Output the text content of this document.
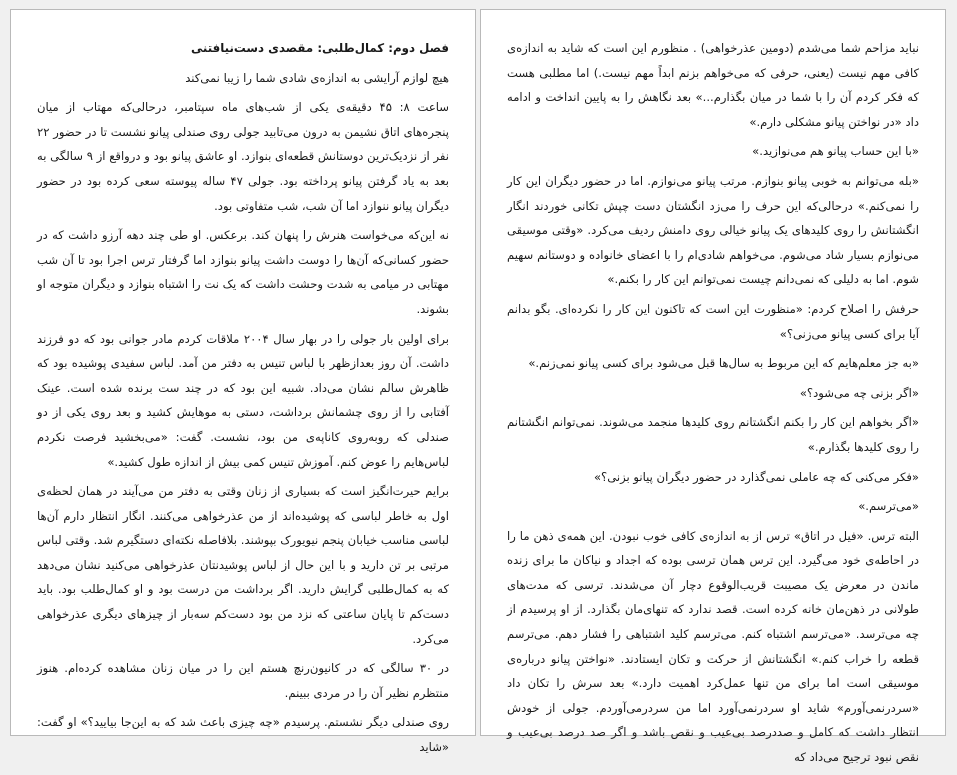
فصل دوم: کمال‌طلبی: مقصدی دست‌نیافتنی

هیچ لوازم آرایشی به اندازه‌ی شادی شما را زیبا نمی‌کند

ساعت ۸: ۴۵ دقیقه‌ی یکی از شب‌های ماه سپتامبر، درحالی‌که مهتاب از میان پنجره‌های اتاق نشیمن به درون می‌تابید جولی روی صندلی پیانو نشست تا در حضور ۲۲ نفر از نزدیک‌ترین دوستانش قطعه‌ای بنوازد. او عاشق پیانو بود و درواقع از ۹ سالگی به بعد به یاد گرفتن پیانو پرداخته بود. جولی ۴۷ ساله پیوسته سعی کرده بود در حضور دیگران پیانو ننوازد اما آن شب، شب متفاوتی بود.

نه این‌که می‌خواست هنرش را پنهان کند. برعکس. او طی چند دهه آرزو داشت که در حضور کسانی‌که آن‌ها را دوست داشت پیانو بنوازد اما گرفتار ترس اجرا بود تا آن شب مهتابی در میامی به شدت وحشت داشت که یک نت را اشتباه بنوازد و دیگران متوجه او بشوند.

برای اولین بار جولی را در بهار سال ۲۰۰۴ ملاقات کردم مادر جوانی بود که دو فرزند داشت. آن روز بعدازظهر با لباس تنیس به دفتر من آمد. لباس سفیدی پوشیده بود که ظاهرش سالم نشان می‌داد. شبیه این بود که در چند ست برنده شده است. عینک آفتابی را از روی چشمانش برداشت، دستی به موهایش کشید و بعد روی یکی از دو صندلی که روبه‌روی کاناپه‌ی من بود، نشست. گفت: «می‌بخشید فرصت نکردم لباس‌هایم را عوض کنم. آموزش تنیس کمی بیش از اندازه طول کشید.»

برایم حیرت‌انگیز است که بسیاری از زنان وقتی به دفتر من می‌آیند در همان لحظه‌ی اول به خاطر لباسی که پوشیده‌اند از من عذرخواهی می‌کنند. انگار انتظار دارم آن‌ها لباسی مناسب خیابان پنجم نیویورک بپوشند. بلافاصله نکته‌ای دستگیرم شد. وقتی لباس مرتبی بر تن دارید و با این حال از لباس پوشیدنتان عذرخواهی می‌کنید نشان می‌دهد که به کمال‌طلبی گرایش دارید. اگر برداشت من درست بود و او کمال‌طلب بود. باید دست‌کم تا پایان ساعتی که نزد من بود دست‌کم سه‌بار از چیزهای دیگری عذرخواهی می‌کرد.

در ۳۰ سالگی که در کانیون‌رنچ هستم این را در میان زنان مشاهده کرده‌ام. هنوز منتظرم نظیر آن را در مردی ببینم.

روی صندلی دیگر نشستم. پرسیدم «چه چیزی باعث شد که به این‌جا بیایید؟» او گفت: «شاید

نباید مزاحم شما می‌شدم (دومین عذرخواهی) . منظورم این است که شاید به اندازه‌ی کافی مهم نیست (یعنی، حرفی که می‌خواهم بزنم ابداً مهم نیست.) اما مطلبی هست که فکر کردم آن را با شما در میان بگذارم...» بعد نگاهش را به پایین انداخت و ادامه داد «در نواختن پیانو مشکلی دارم.»

«با این حساب پیانو هم می‌نوازید.»

«بله می‌توانم به خوبی پیانو بنوازم. مرتب پیانو می‌نوازم. اما در حضور دیگران این کار را نمی‌کنم.» درحالی‌که این حرف را می‌زد انگشتان دست چپش تکانی خوردند انگار انگشتانش را روی کلیدهای یک پیانو خیالی روی دامنش ردیف می‌کرد. «وقتی موسیقی می‌نوازم بسیار شاد می‌شوم. می‌خواهم شادی‌ام را با اعضای خانواده و دوستانم سهیم شوم. اما به دلیلی که نمی‌دانم چیست نمی‌توانم این کار را بکنم.»

حرفش را اصلاح کردم: «منظورت این است که تاکنون این کار را نکرده‌ای. بگو بدانم آیا برای کسی پیانو می‌زنی؟»

«به جز معلم‌هایم که این مربوط به سال‌ها قبل می‌شود برای کسی پیانو نمی‌زنم.»

«اگر بزنی چه می‌شود؟»

«اگر بخواهم این کار را بکنم انگشتانم روی کلیدها منجمد می‌شوند. نمی‌توانم انگشتانم را روی کلیدها بگذارم.»

«فکر می‌کنی که چه عاملی نمی‌گذارد در حضور دیگران پیانو بزنی؟»

«می‌ترسم.»

البته ترس. «فیل در اتاق» ترس از به اندازه‌ی کافی خوب نبودن. این همه‌ی ذهن ما را در احاطه‌ی خود می‌گیرد. این ترس همان ترسی بوده که اجداد و نیاکان ما برای زنده ماندن در معرض یک مصیبت قریب‌الوقوع دچار آن می‌شدند. ترسی که مدت‌های طولانی در ذهن‌مان خانه کرده است. قصد ندارد که تنهای‌مان بگذارد. از او پرسیدم از چه می‌ترسد. «می‌ترسم اشتباه کنم. می‌ترسم کلید اشتباهی را فشار دهم. می‌ترسم قطعه را خراب کنم.» انگشتانش از حرکت و تکان ایستادند. «نواختن پیانو درباره‌ی موسیقی است اما برای من تنها عمل‌کرد اهمیت دارد.» بعد سرش را تکان داد «سردرنمی‌آورم» شاید او سردرنمی‌آورد اما من سردرمی‌آوردم. جولی از خودش انتظار داشت که کامل و صددرصد بی‌عیب و نقص باشد و اگر صد درصد بی‌عیب و نقص نبود ترجیح می‌داد که
